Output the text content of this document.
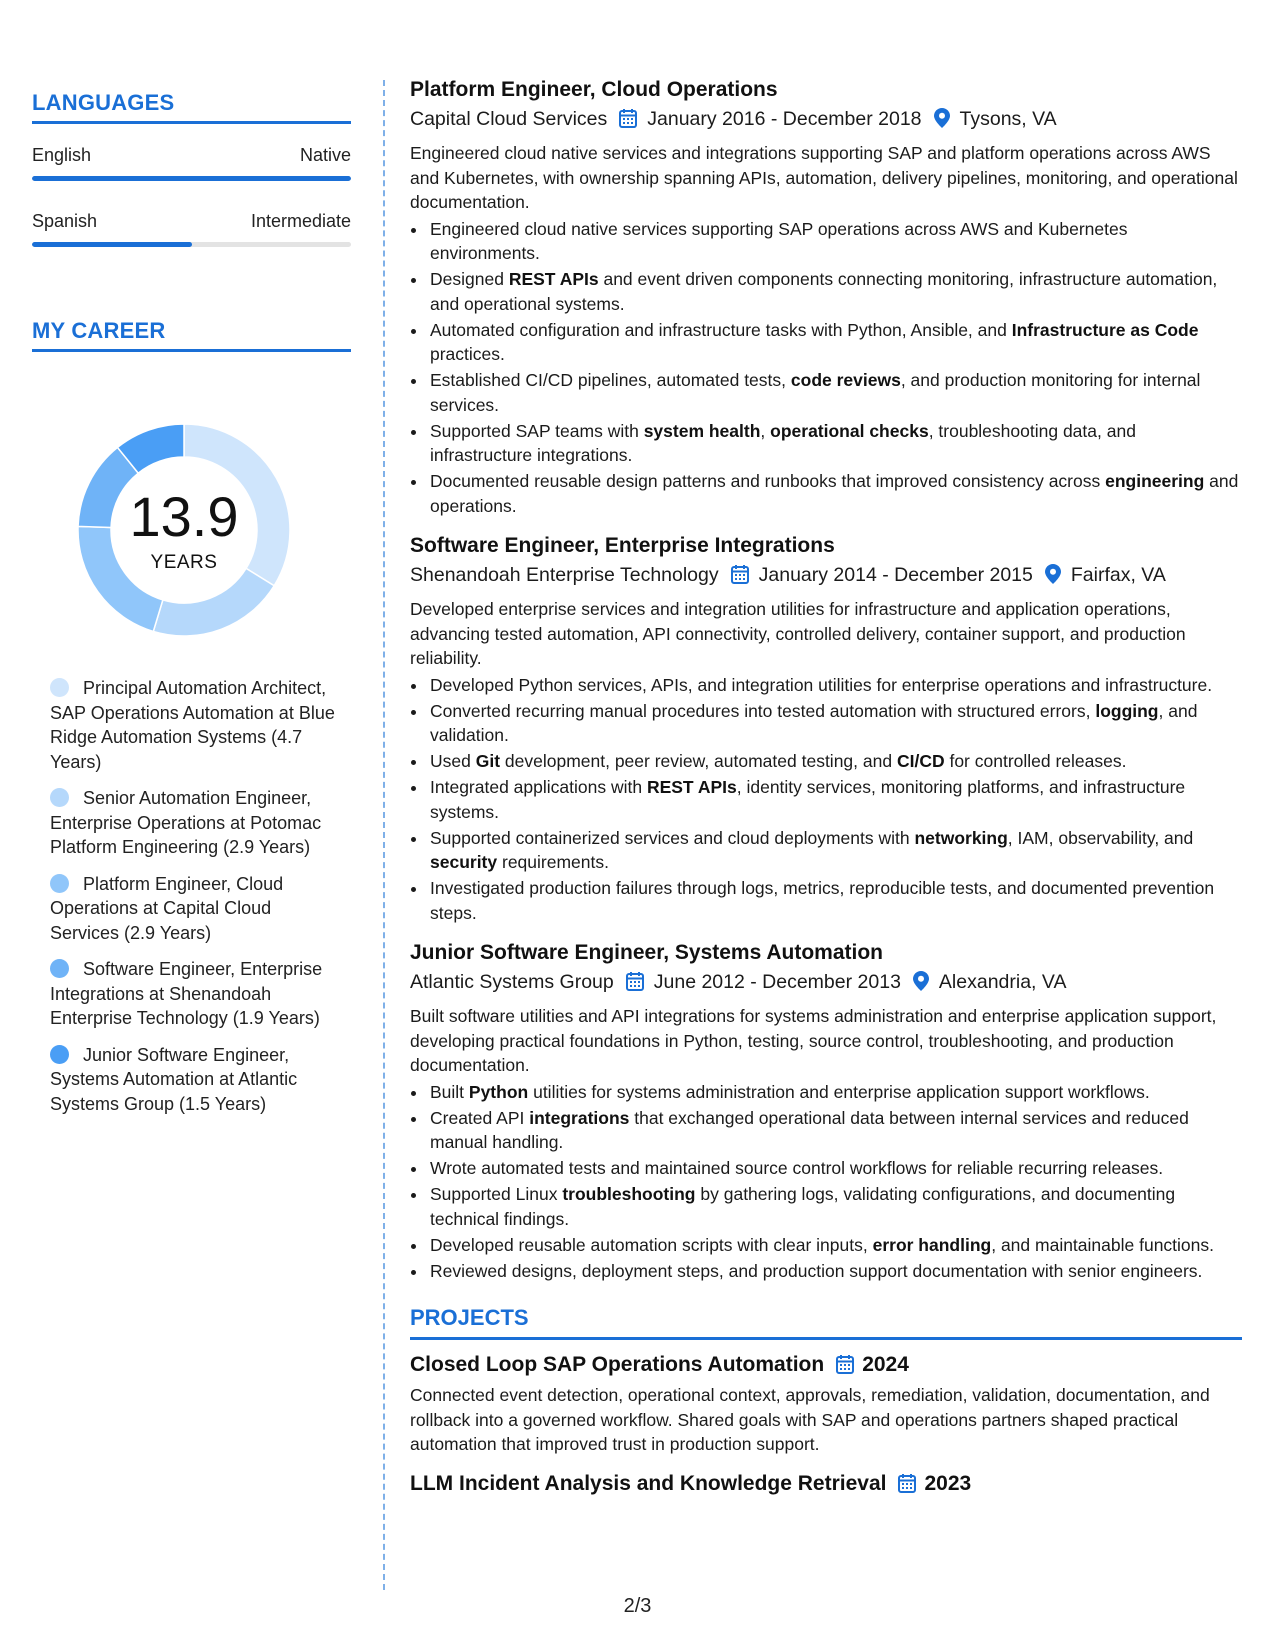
LANGUAGES
English	Native
Spanish	Intermediate
MY CAREER
13.9
YEARS
Principal Automation Architect, SAP Operations Automation at Blue Ridge Automation Systems (4.7 Years)
Senior Automation Engineer, Enterprise Operations at Potomac Platform Engineering (2.9 Years)
Platform Engineer, Cloud Operations at Capital Cloud Services (2.9 Years)
Software Engineer, Enterprise Integrations at Shenandoah Enterprise Technology (1.9 Years)
Junior Software Engineer, Systems Automation at Atlantic Systems Group (1.5 Years)
Platform Engineer, Cloud Operations
Capital Cloud Services January 2016 - December 2018 Tysons, VA
Engineered cloud native services and integrations supporting SAP and platform operations across AWS and Kubernetes, with ownership spanning APIs, automation, delivery pipelines, monitoring, and operational documentation.
• Engineered cloud native services supporting SAP operations across AWS and Kubernetes environments.
• Designed REST APIs and event driven components connecting monitoring, infrastructure automation, and operational systems.
• Automated configuration and infrastructure tasks with Python, Ansible, and Infrastructure as Code practices.
• Established CI/CD pipelines, automated tests, code reviews, and production monitoring for internal services.
• Supported SAP teams with system health, operational checks, troubleshooting data, and infrastructure integrations.
• Documented reusable design patterns and runbooks that improved consistency across engineering and operations.
Software Engineer, Enterprise Integrations
Shenandoah Enterprise Technology January 2014 - December 2015 Fairfax, VA
Developed enterprise services and integration utilities for infrastructure and application operations, advancing tested automation, API connectivity, controlled delivery, container support, and production reliability.
• Developed Python services, APIs, and integration utilities for enterprise operations and infrastructure.
• Converted recurring manual procedures into tested automation with structured errors, logging, and validation.
• Used Git development, peer review, automated testing, and CI/CD for controlled releases.
• Integrated applications with REST APIs, identity services, monitoring platforms, and infrastructure systems.
• Supported containerized services and cloud deployments with networking, IAM, observability, and security requirements.
• Investigated production failures through logs, metrics, reproducible tests, and documented prevention steps.
Junior Software Engineer, Systems Automation
Atlantic Systems Group June 2012 - December 2013 Alexandria, VA
Built software utilities and API integrations for systems administration and enterprise application support, developing practical foundations in Python, testing, source control, troubleshooting, and production documentation.
• Built Python utilities for systems administration and enterprise application support workflows.
• Created API integrations that exchanged operational data between internal services and reduced manual handling.
• Wrote automated tests and maintained source control workflows for reliable recurring releases.
• Supported Linux troubleshooting by gathering logs, validating configurations, and documenting technical findings.
• Developed reusable automation scripts with clear inputs, error handling, and maintainable functions.
• Reviewed designs, deployment steps, and production support documentation with senior engineers.
PROJECTS
Closed Loop SAP Operations Automation 2024
Connected event detection, operational context, approvals, remediation, validation, documentation, and rollback into a governed workflow. Shared goals with SAP and operations partners shaped practical automation that improved trust in production support.
LLM Incident Analysis and Knowledge Retrieval 2023
2/3
